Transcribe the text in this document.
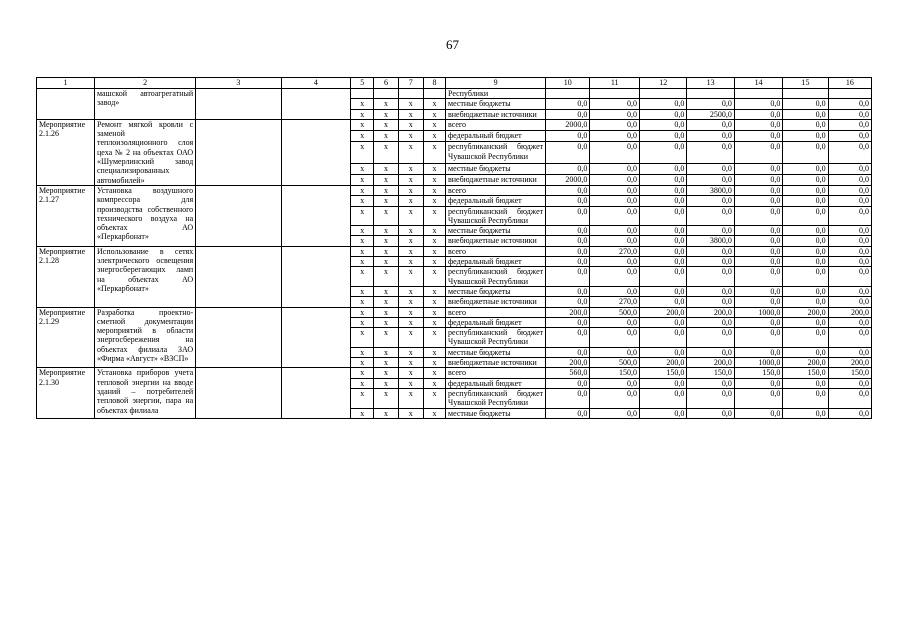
67
1	2	3	4	5	6	7	8	9	10	11	12	13	14	15	16
	машской автоагрегатный завод»							Республики							
				х	х	х	х	местные бюджеты	0,0	0,0	0,0	0,0	0,0	0,0	0,0
				х	х	х	х	внебюджетные источники	0,0	0,0	0,0	2500,0	0,0	0,0	0,0
Мероприятие 2.1.26	Ремонт мягкой кровли с заменой теплоизоляционного слоя цеха № 2 на объектах ОАО «Шумерлинский завод специализированных автомобилей»			х	х	х	х	всего	2000,0	0,0	0,0	0,0	0,0	0,0	0,0
				х	х	х	х	федеральный бюджет	0,0	0,0	0,0	0,0	0,0	0,0	0,0
				х	х	х	х	республиканский бюджет Чувашской Республики	0,0	0,0	0,0	0,0	0,0	0,0	0,0
				х	х	х	х	местные бюджеты	0,0	0,0	0,0	0,0	0,0	0,0	0,0
				х	х	х	х	внебюджетные источники	2000,0	0,0	0,0	0,0	0,0	0,0	0,0
Мероприятие 2.1.27	Установка воздушного компрессора для производства собственного технического воздуха на объектах АО «Перкарбонат»			х	х	х	х	всего	0,0	0,0	0,0	3800,0	0,0	0,0	0,0
				х	х	х	х	федеральный бюджет	0,0	0,0	0,0	0,0	0,0	0,0	0,0
				х	х	х	х	республиканский бюджет Чувашской Республики	0,0	0,0	0,0	0,0	0,0	0,0	0,0
				х	х	х	х	местные бюджеты	0,0	0,0	0,0	0,0	0,0	0,0	0,0
				х	х	х	х	внебюджетные источники	0,0	0,0	0,0	3800,0	0,0	0,0	0,0
Мероприятие 2.1.28	Использование в сетях электрического освещения энергосберегающих ламп на объектах АО «Перкарбонат»			х	х	х	х	всего	0,0	270,0	0,0	0,0	0,0	0,0	0,0
				х	х	х	х	федеральный бюджет	0,0	0,0	0,0	0,0	0,0	0,0	0,0
				х	х	х	х	республиканский бюджет Чувашской Республики	0,0	0,0	0,0	0,0	0,0	0,0	0,0
				х	х	х	х	местные бюджеты	0,0	0,0	0,0	0,0	0,0	0,0	0,0
				х	х	х	х	внебюджетные источники	0,0	270,0	0,0	0,0	0,0	0,0	0,0
Мероприятие 2.1.29	Разработка проектно-сметной документации мероприятий в области энергосбережения на объектах филиала ЗАО «Фирма «Август» «ВЗСП»			х	х	х	х	всего	200,0	500,0	200,0	200,0	1000,0	200,0	200,0
				х	х	х	х	федеральный бюджет	0,0	0,0	0,0	0,0	0,0	0,0	0,0
				х	х	х	х	республиканский бюджет Чувашской Республики	0,0	0,0	0,0	0,0	0,0	0,0	0,0
				х	х	х	х	местные бюджеты	0,0	0,0	0,0	0,0	0,0	0,0	0,0
				х	х	х	х	внебюджетные источники	200,0	500,0	200,0	200,0	1000,0	200,0	200,0
Мероприятие 2.1.30	Установка приборов учета тепловой энергии на вводе зданий – потребителей тепловой энергии, пара на объектах филиала			х	х	х	х	всего	560,0	150,0	150,0	150,0	150,0	150,0	150,0
				х	х	х	х	федеральный бюджет	0,0	0,0	0,0	0,0	0,0	0,0	0,0
				х	х	х	х	республиканский бюджет Чувашской Республики	0,0	0,0	0,0	0,0	0,0	0,0	0,0
				х	х	х	х	местные бюджеты	0,0	0,0	0,0	0,0	0,0	0,0	0,0
